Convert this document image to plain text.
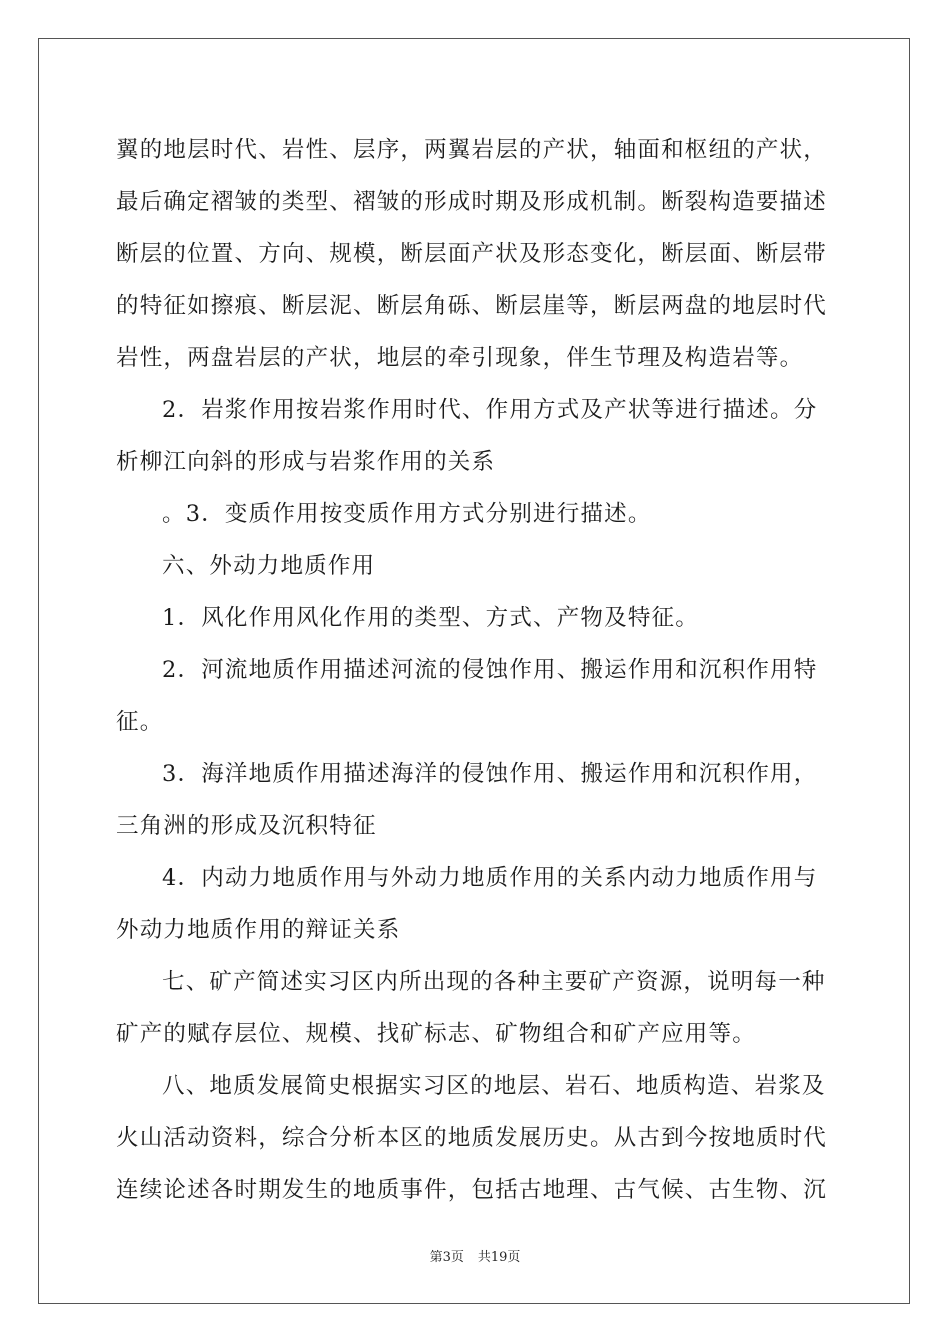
翼的地层时代、岩性、层序，两翼岩层的产状，轴面和枢纽的产状，
最后确定褶皱的类型、褶皱的形成时期及形成机制。断裂构造要描述
断层的位置、方向、规模，断层面产状及形态变化，断层面、断层带
的特征如擦痕、断层泥、断层角砾、断层崖等，断层两盘的地层时代
岩性，两盘岩层的产状，地层的牵引现象，伴生节理及构造岩等。
2．岩浆作用按岩浆作用时代、作用方式及产状等进行描述。分
析柳江向斜的形成与岩浆作用的关系
。3．变质作用按变质作用方式分别进行描述。
六、外动力地质作用
1．风化作用风化作用的类型、方式、产物及特征。
2．河流地质作用描述河流的侵蚀作用、搬运作用和沉积作用特
征。
3．海洋地质作用描述海洋的侵蚀作用、搬运作用和沉积作用，
三角洲的形成及沉积特征
4．内动力地质作用与外动力地质作用的关系内动力地质作用与
外动力地质作用的辩证关系
七、矿产简述实习区内所出现的各种主要矿产资源，说明每一种
矿产的赋存层位、规模、找矿标志、矿物组合和矿产应用等。
八、地质发展简史根据实习区的地层、岩石、地质构造、岩浆及
火山活动资料，综合分析本区的地质发展历史。从古到今按地质时代
连续论述各时期发生的地质事件，包括古地理、古气候、古生物、沉
第3页 共19页
